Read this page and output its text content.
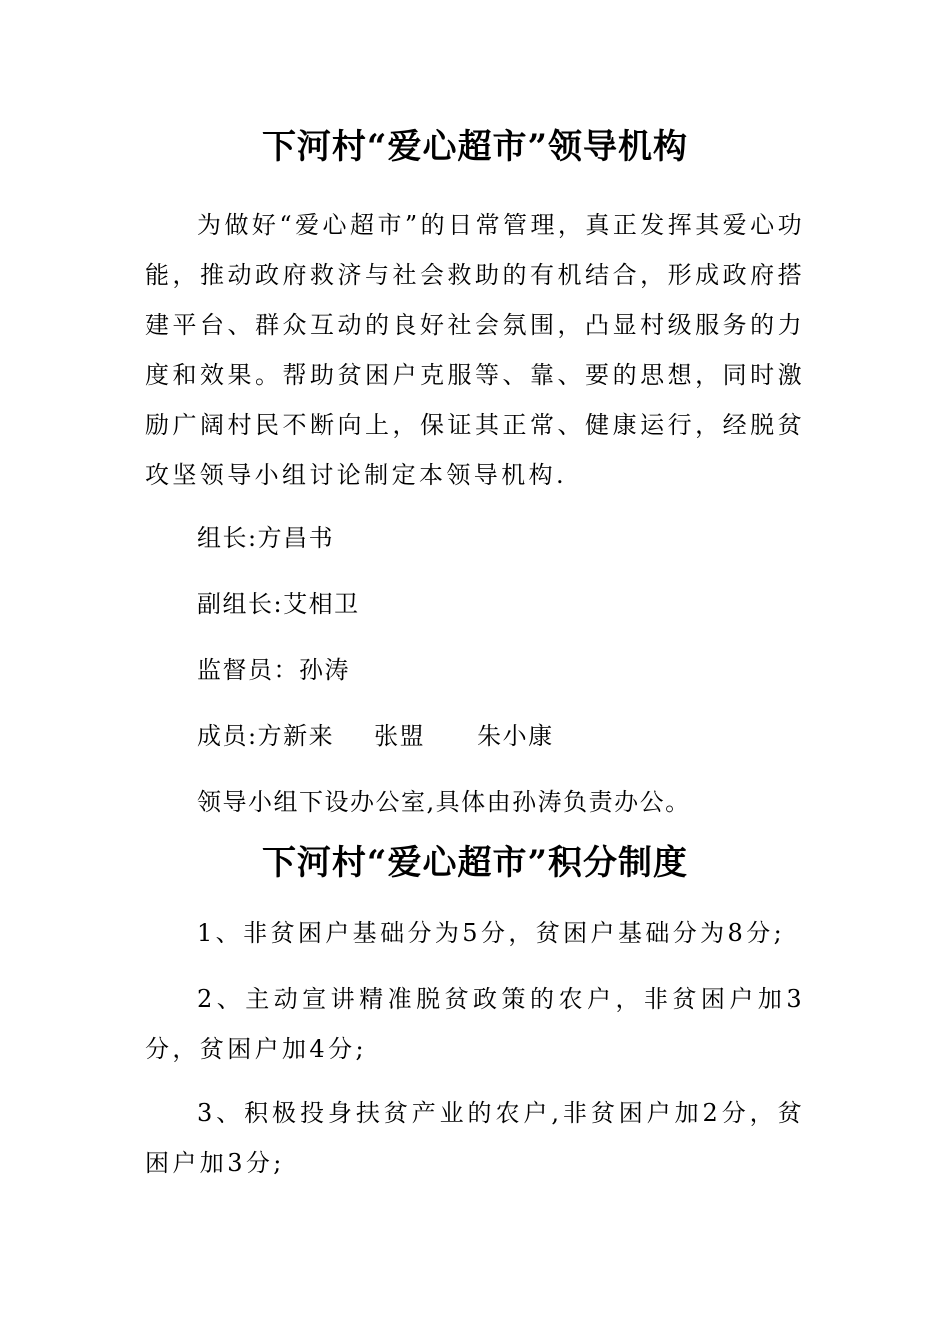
下河村“爱心超市”领导机构

为做好“爱心超市”的日常管理，真正发挥其爱心功能，推动政府救济与社会救助的有机结合，形成政府搭建平台、群众互动的良好社会氛围，凸显村级服务的力度和效果。帮助贫困户克服等、靠、要的思想，同时激励广阔村民不断向上，保证其正常、健康运行，经脱贫攻坚领导小组讨论制定本领导机构.

组长:方昌书
副组长:艾相卫
监督员：孙涛
成员:方新来 张盟 朱小康
领导小组下设办公室,具体由孙涛负责办公。
下河村“爱心超市”积分制度

1、非贫困户基础分为5分，贫困户基础分为8分;

2、主动宣讲精准脱贫政策的农户，非贫困户加3分，贫困户加4分;

3、积极投身扶贫产业的农户,非贫困户加2分，贫困户加3分;
